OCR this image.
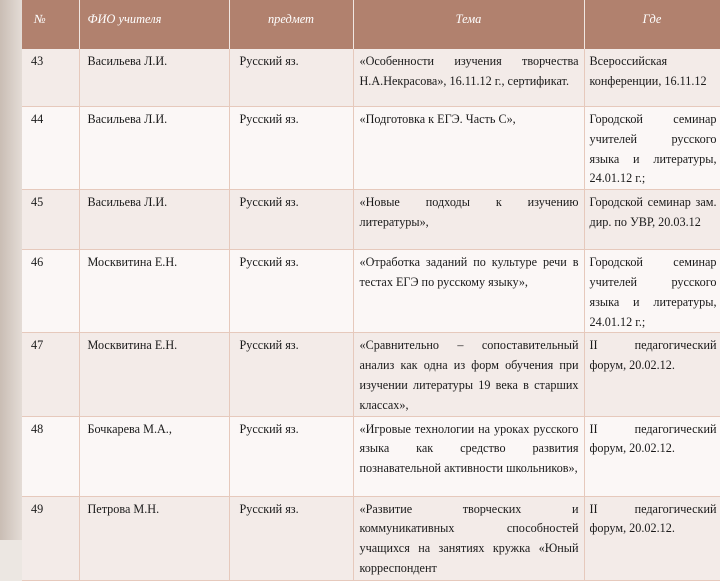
№	ФИО учителя	предмет	Тема	Где
43	Васильева Л.И.	Русский яз.	«Особенности изучения творчества Н.А.Некрасова», 16.11.12 г., сертификат.	Всероссийская конференции, 16.11.12
44	Васильева Л.И.	Русский яз.	«Подготовка к ЕГЭ. Часть С»,	Городской семинар учителей русского языка и литературы, 24.01.12 г.;
45	Васильева Л.И.	Русский яз.	«Новые подходы к изучению литературы»,	Городской семинар зам. дир. по УВР, 20.03.12
46	Москвитина Е.Н.	Русский яз.	«Отработка заданий по культуре речи в тестах ЕГЭ по русскому языку»,	Городской семинар учителей русского языка и литературы, 24.01.12 г.;
47	Москвитина Е.Н.	Русский яз.	«Сравнительно – сопоставительный анализ как одна из форм обучения при изучении литературы 19 века в старших классах»,	II педагогический форум, 20.02.12.
48	Бочкарева М.А.,	Русский яз.	«Игровые технологии на уроках русского языка как средство развития познавательной активности школьников»,	II педагогический форум, 20.02.12.
49	Петрова М.Н.	Русский яз.	«Развитие творческих и коммуникативных способностей учащихся на занятиях кружка «Юный корреспондент	II педагогический форум, 20.02.12.
